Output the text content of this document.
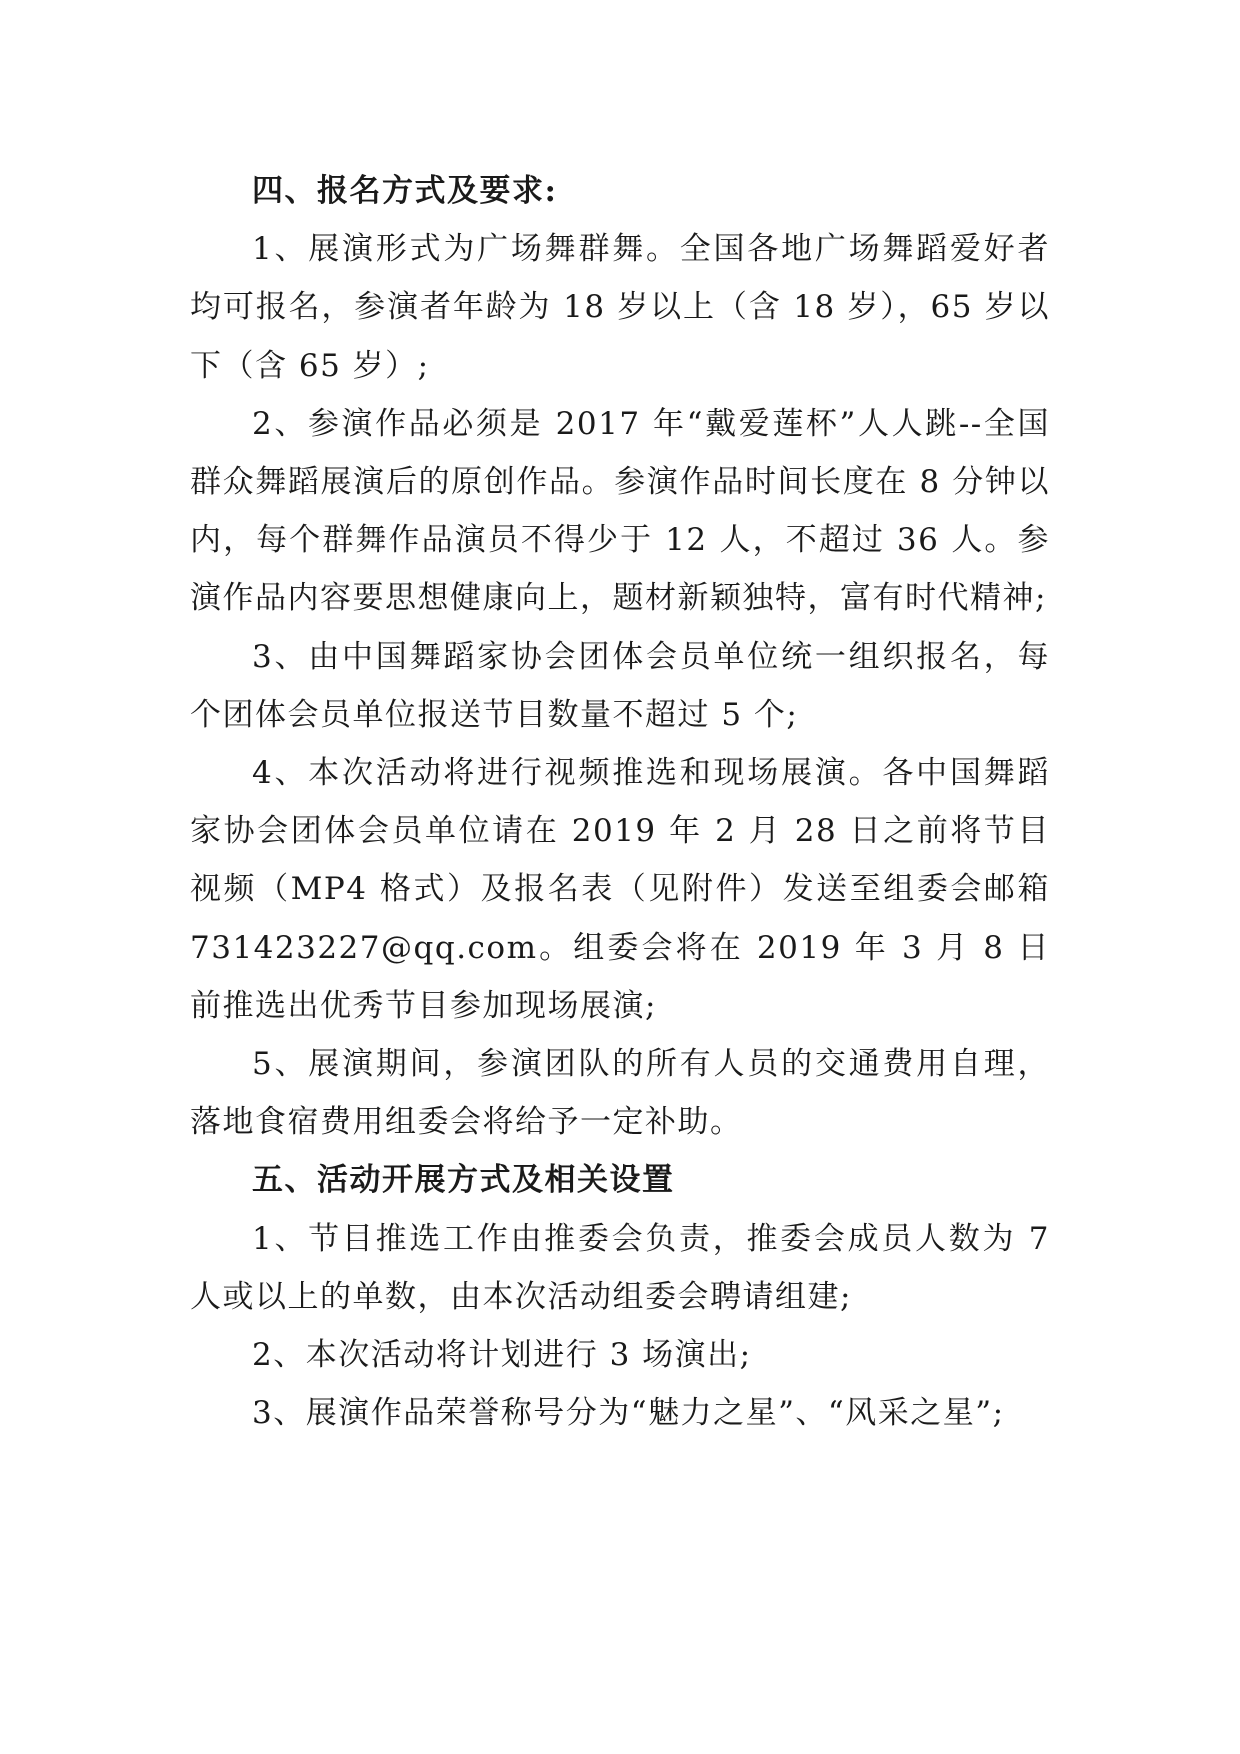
四、报名方式及要求:

1、展演形式为广场舞群舞。全国各地广场舞蹈爱好者均可报名，参演者年龄为 18 岁以上（含 18 岁），65 岁以下（含 65 岁）;

2、参演作品必须是 2017 年“戴爱莲杯”人人跳--全国群众舞蹈展演后的原创作品。参演作品时间长度在 8 分钟以内，每个群舞作品演员不得少于 12 人，不超过 36 人。参演作品内容要思想健康向上，题材新颖独特，富有时代精神;

3、由中国舞蹈家协会团体会员单位统一组织报名，每个团体会员单位报送节目数量不超过 5 个;

4、本次活动将进行视频推选和现场展演。各中国舞蹈家协会团体会员单位请在 2019 年 2 月 28 日之前将节目视频（MP4 格式）及报名表（见附件）发送至组委会邮箱 731423227@qq.com。组委会将在 2019 年 3 月 8 日前推选出优秀节目参加现场展演;

5、展演期间，参演团队的所有人员的交通费用自理，落地食宿费用组委会将给予一定补助。

五、活动开展方式及相关设置

1、节目推选工作由推委会负责，推委会成员人数为 7 人或以上的单数，由本次活动组委会聘请组建;

2、本次活动将计划进行 3 场演出;

3、展演作品荣誉称号分为“魅力之星”、“风采之星”;
